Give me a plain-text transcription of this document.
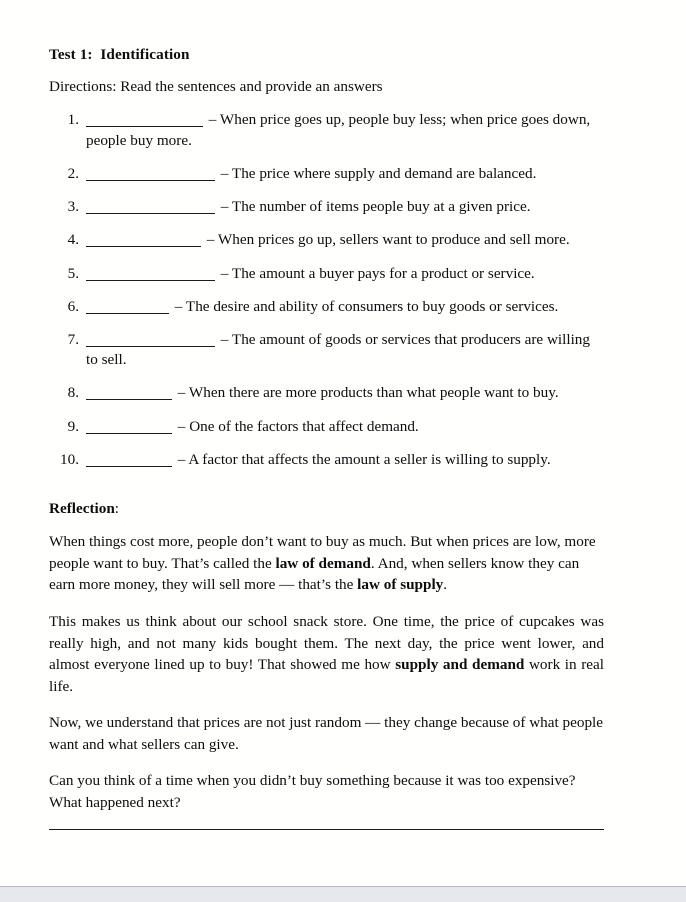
Test 1:  Identification
Directions: Read the sentences and provide an answers
1.	– When price goes up, people buy less; when price goes down, people buy more.
2.	– The price where supply and demand are balanced.
3.	– The number of items people buy at a given price.
4.	– When prices go up, sellers want to produce and sell more.
5.	– The amount a buyer pays for a product or service.
6.	– The desire and ability of consumers to buy goods or services.
7.	– The amount of goods or services that producers are willing to sell.
8.	– When there are more products than what people want to buy.
9.	– One of the factors that affect demand.
10.	– A factor that affects the amount a seller is willing to supply.
Reflection:

When things cost more, people don’t want to buy as much. But when prices are low, more people want to buy. That’s called the law of demand. And, when sellers know they can earn more money, they will sell more — that’s the law of supply.

This makes us think about our school snack store. One time, the price of cupcakes was really high, and not many kids bought them. The next day, the price went lower, and almost everyone lined up to buy! That showed me how supply and demand work in real life.

Now, we understand that prices are not just random — they change because of what people want and what sellers can give.

Can you think of a time when you didn’t buy something because it was too expensive? What happened next?
